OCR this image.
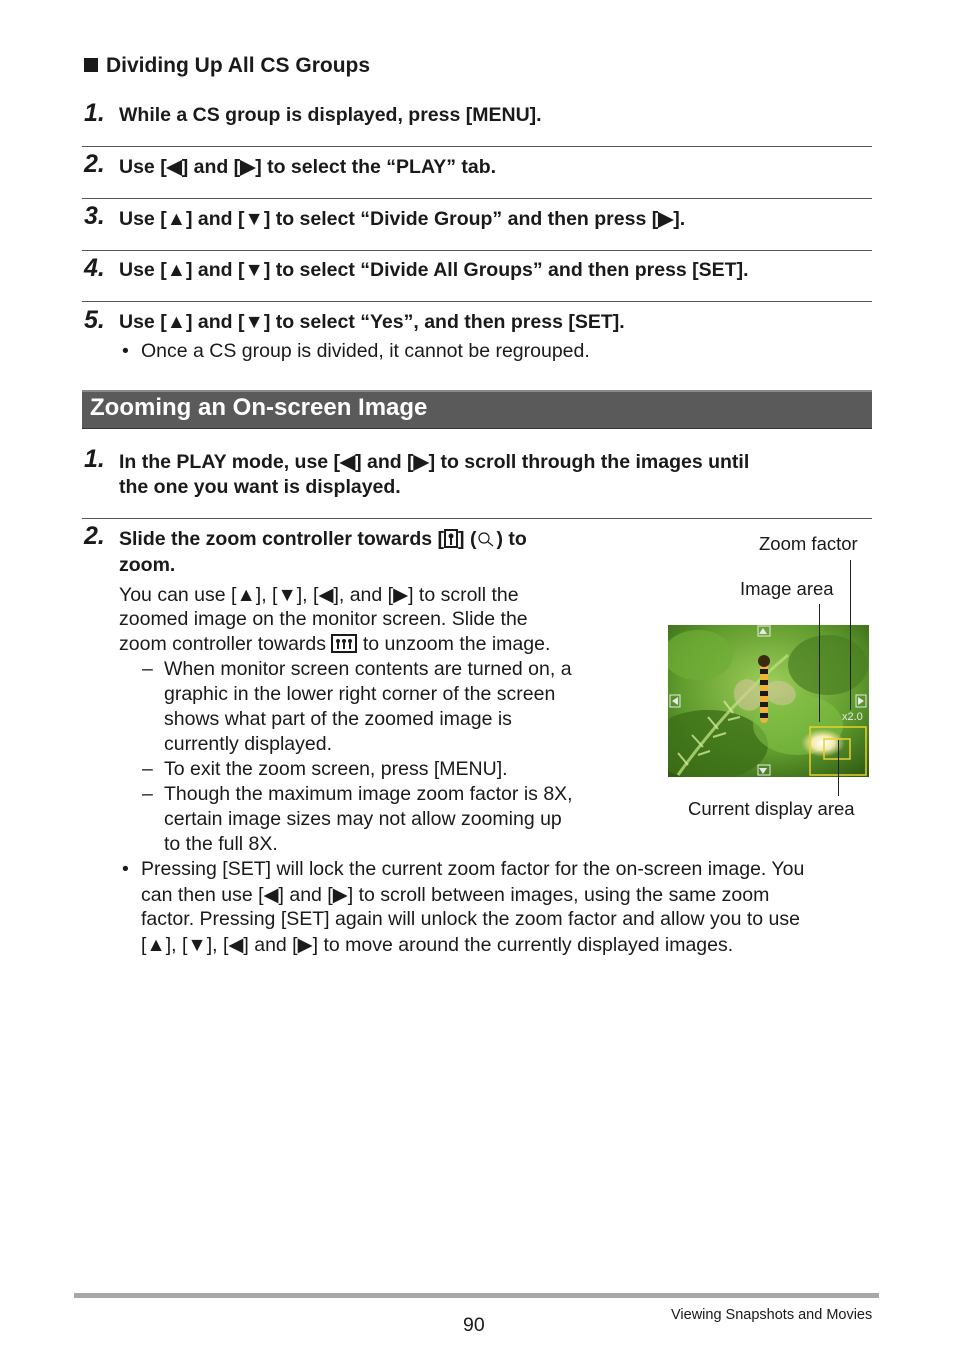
Dividing Up All CS Groups
1. While a CS group is displayed, press [MENU].
2. Use [◀] and [▶] to select the “PLAY” tab.
3. Use [▲] and [▼] to select “Divide Group” and then press [▶].
4. Use [▲] and [▼] to select “Divide All Groups” and then press [SET].
5. Use [▲] and [▼] to select “Yes”, and then press [SET].
• Once a CS group is divided, it cannot be regrouped.
Zooming an On-screen Image
1. In the PLAY mode, use [◀] and [▶] to scroll through the images until
the one you want is displayed.
2. Slide the zoom controller towards [ ] ( ) to
zoom.
You can use [▲], [▼], [◀], and [▶] to scroll the
zoomed image on the monitor screen. Slide the
zoom controller towards to unzoom the image.
– When monitor screen contents are turned on, a
graphic in the lower right corner of the screen
shows what part of the zoomed image is
currently displayed.
– To exit the zoom screen, press [MENU].
– Though the maximum image zoom factor is 8X,
certain image sizes may not allow zooming up
to the full 8X.
• Pressing [SET] will lock the current zoom factor for the on-screen image. You
can then use [◀] and [▶] to scroll between images, using the same zoom
factor. Pressing [SET] again will unlock the zoom factor and allow you to use
[▲], [▼], [◀] and [▶] to move around the currently displayed images.
Zoom factor
Image area
Current display area
x2.0
90	Viewing Snapshots and Movies
